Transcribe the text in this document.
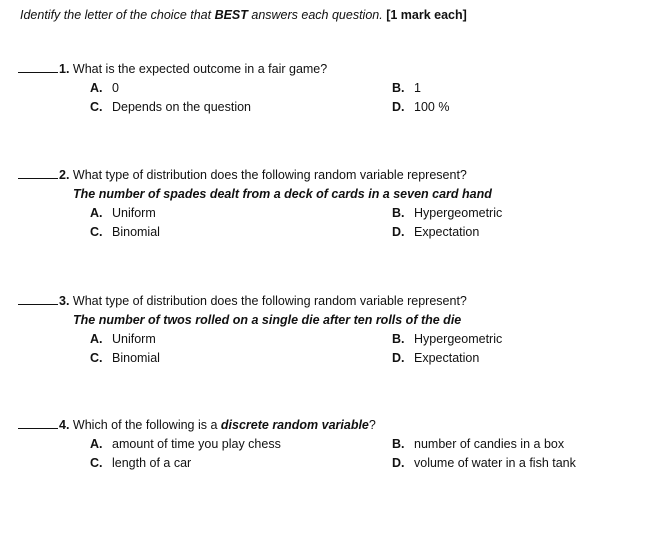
Identify the letter of the choice that BEST answers each question. [1 mark each]
1. What is the expected outcome in a fair game?
A. 0	B. 1
C. Depends on the question	D. 100 %
2. What type of distribution does the following random variable represent?
The number of spades dealt from a deck of cards in a seven card hand
A. Uniform	B. Hypergeometric
C. Binomial	D. Expectation
3. What type of distribution does the following random variable represent?
The number of twos rolled on a single die after ten rolls of the die
A. Uniform	B. Hypergeometric
C. Binomial	D. Expectation
4. Which of the following is a discrete random variable?
A. amount of time you play chess	B. number of candies in a box
C. length of a car	D. volume of water in a fish tank
